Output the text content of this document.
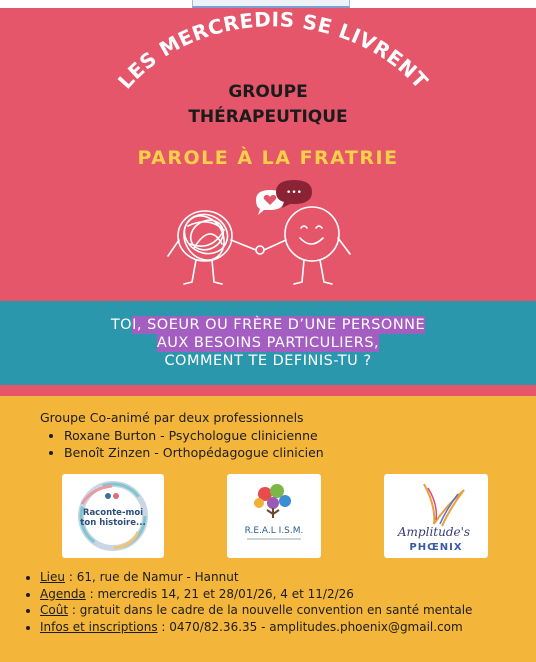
LES MERCREDIS SE LIVRENT
GROUPE
THÉRAPEUTIQUE
PAROLE À LA FRATRIE
•••
TOI, SOEUR OU FRÈRE D’UNE PERSONNE
AUX BESOINS PARTICULIERS,
COMMENT TE DEFINIS-TU ?
Groupe Co-animé par deux professionnels
• Roxane Burton - Psychologue clinicienne
• Benoît Zinzen - Orthopédagogue clinicien
Raconte-moi
ton histoire...
R.E.A.L I.S.M.	Amplitude's
PHŒNIX
• Lieu : 61, rue de Namur - Hannut
• Agenda : mercredis 14, 21 et 28/01/26, 4 et 11/2/26
• Coût : gratuit dans le cadre de la nouvelle convention en santé mentale
• Infos et inscriptions : 0470/82.36.35 - amplitudes.phoenix@gmail.com
